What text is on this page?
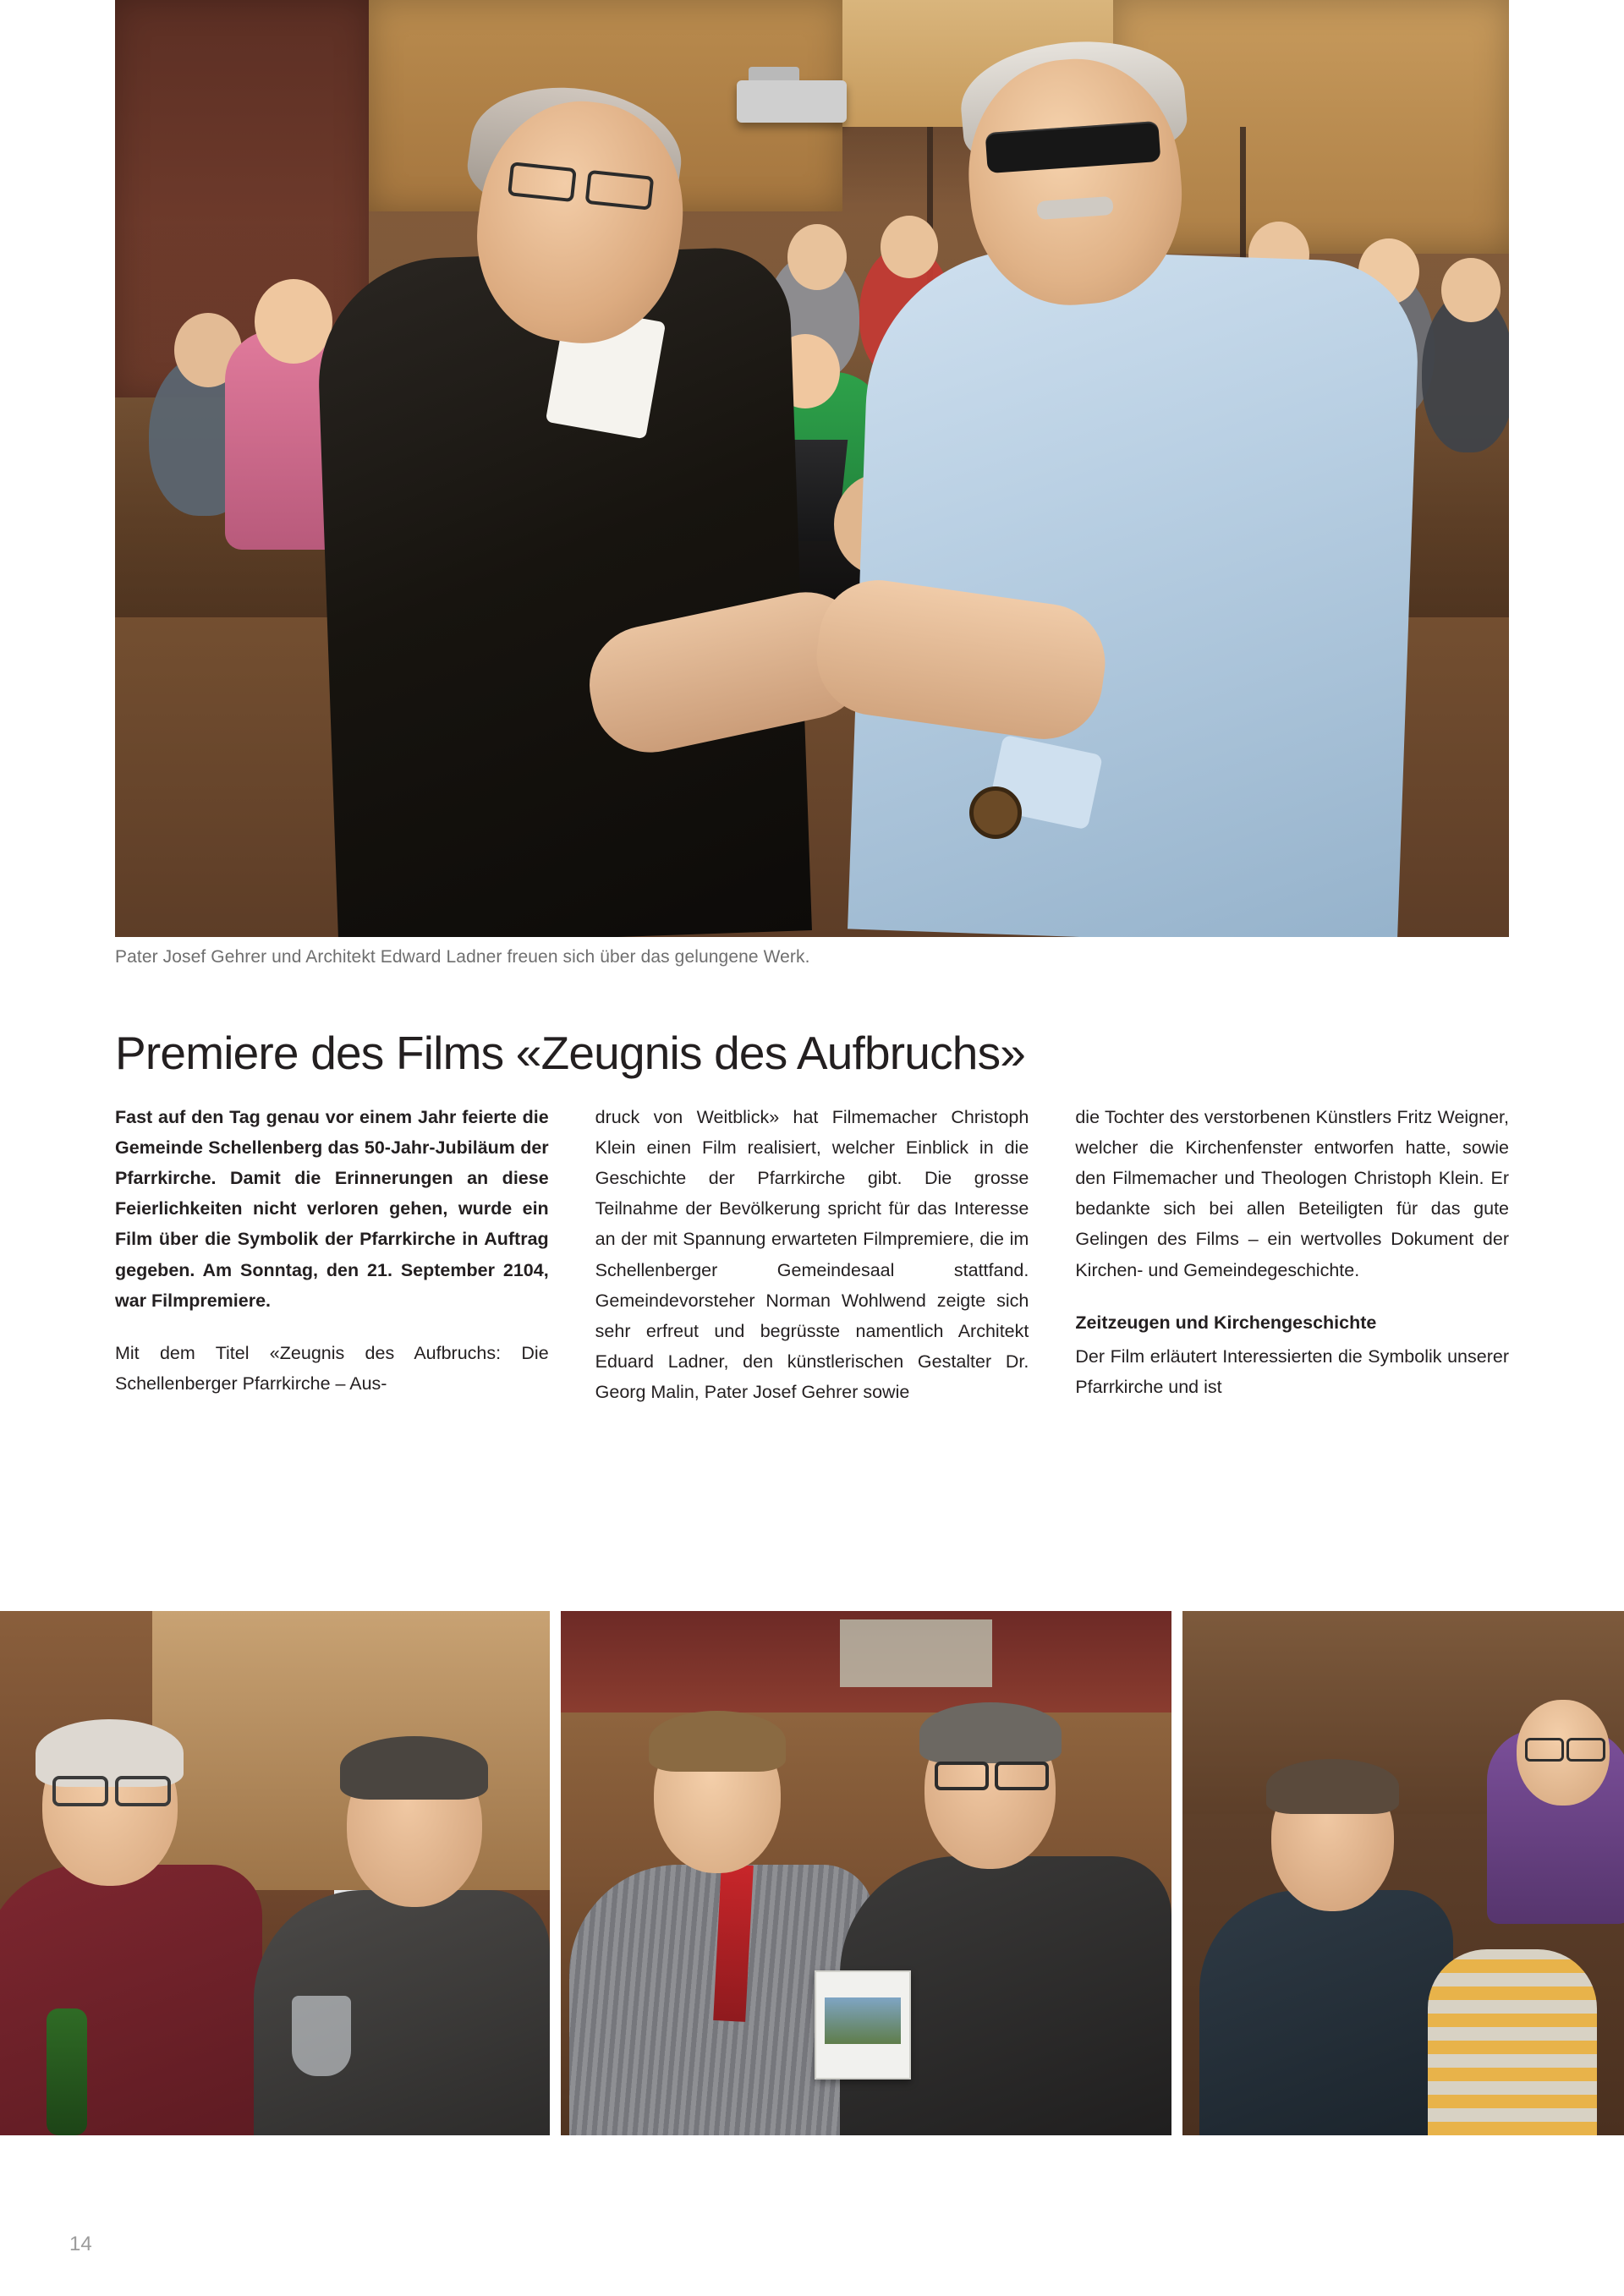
Pater Josef Gehrer und Architekt Edward Ladner freuen sich über das gelungene Werk.
Premiere des Films «Zeugnis des Aufbruchs»

Fast auf den Tag genau vor einem Jahr feierte die Gemeinde Schellenberg das 50-Jahr-Jubiläum der Pfarrkirche. Damit die Erinnerungen an diese Feierlichkeiten nicht verloren gehen, wurde ein Film über die Symbolik der Pfarrkirche in Auftrag gegeben. Am Sonntag, den 21. September 2104, war Filmpremiere.

Mit dem Titel «Zeugnis des Aufbruchs: Die Schellenberger Pfarrkirche – Aus-

druck von Weitblick» hat Filmemacher Christoph Klein einen Film realisiert, welcher Einblick in die Geschichte der Pfarrkirche gibt. Die grosse Teilnahme der Bevölkerung spricht für das Interesse an der mit Spannung erwarteten Filmpremiere, die im Schellenberger Gemeindesaal stattfand. Gemeindevorsteher Norman Wohlwend zeigte sich sehr erfreut und begrüsste namentlich Architekt Eduard Ladner, den künstlerischen Gestalter Dr. Georg Malin, Pater Josef Gehrer sowie

die Tochter des verstorbenen Künstlers Fritz Weigner, welcher die Kirchenfenster entworfen hatte, sowie den Filmemacher und Theologen Christoph Klein. Er bedankte sich bei allen Beteiligten für das gute Gelingen des Films – ein wertvolles Dokument der Kirchen- und Gemeindegeschichte.

Zeitzeugen und Kirchengeschichte

Der Film erläutert Interessierten die Symbolik unserer Pfarrkirche und ist

14
